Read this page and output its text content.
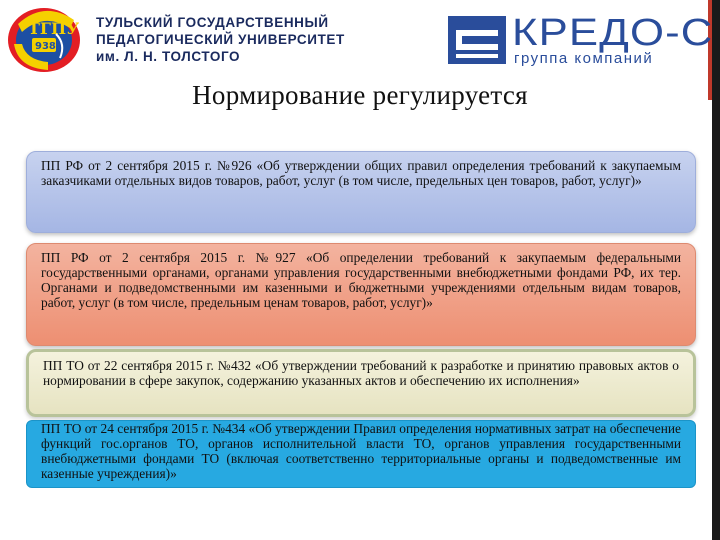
ТГПУ
938
ТУЛЬСКИЙ ГОСУДАРСТВЕННЫЙ
ПЕДАГОГИЧЕСКИЙ УНИВЕРСИТЕТ
им. Л. Н. ТОЛСТОГО
КРЕДО-С
группа компаний
Нормирование регулируется
ПП РФ от 2 сентября 2015 г. №926 «Об утверждении общих правил определения требований к закупаемым заказчиками отдельных видов товаров, работ, услуг (в том числе, предельных цен товаров, работ, услуг)»
ПП РФ от 2 сентября 2015 г. №927 «Об определении требований к закупаемым федеральными государственными органами, органами управления государственными внебюджетными фондами РФ, их тер. Органами и подведомственными им казенными и бюджетными учреждениями отдельным видам товаров, работ, услуг (в том числе, предельным ценам товаров, работ, услуг)»
ПП ТО от 22 сентября 2015 г. №432 «Об утверждении требований к разработке и принятию правовых актов о нормировании в сфере закупок, содержанию указанных актов и обеспечению их исполнения»
ПП ТО от 24 сентября 2015 г. №434 «Об утверждении Правил определения нормативных затрат на обеспечение функций гос.органов ТО, органов исполнительной власти ТО, органов управления государственными внебюджетными фондами ТО (включая соответственно территориальные органы и подведомственные им казенные учреждения)»
